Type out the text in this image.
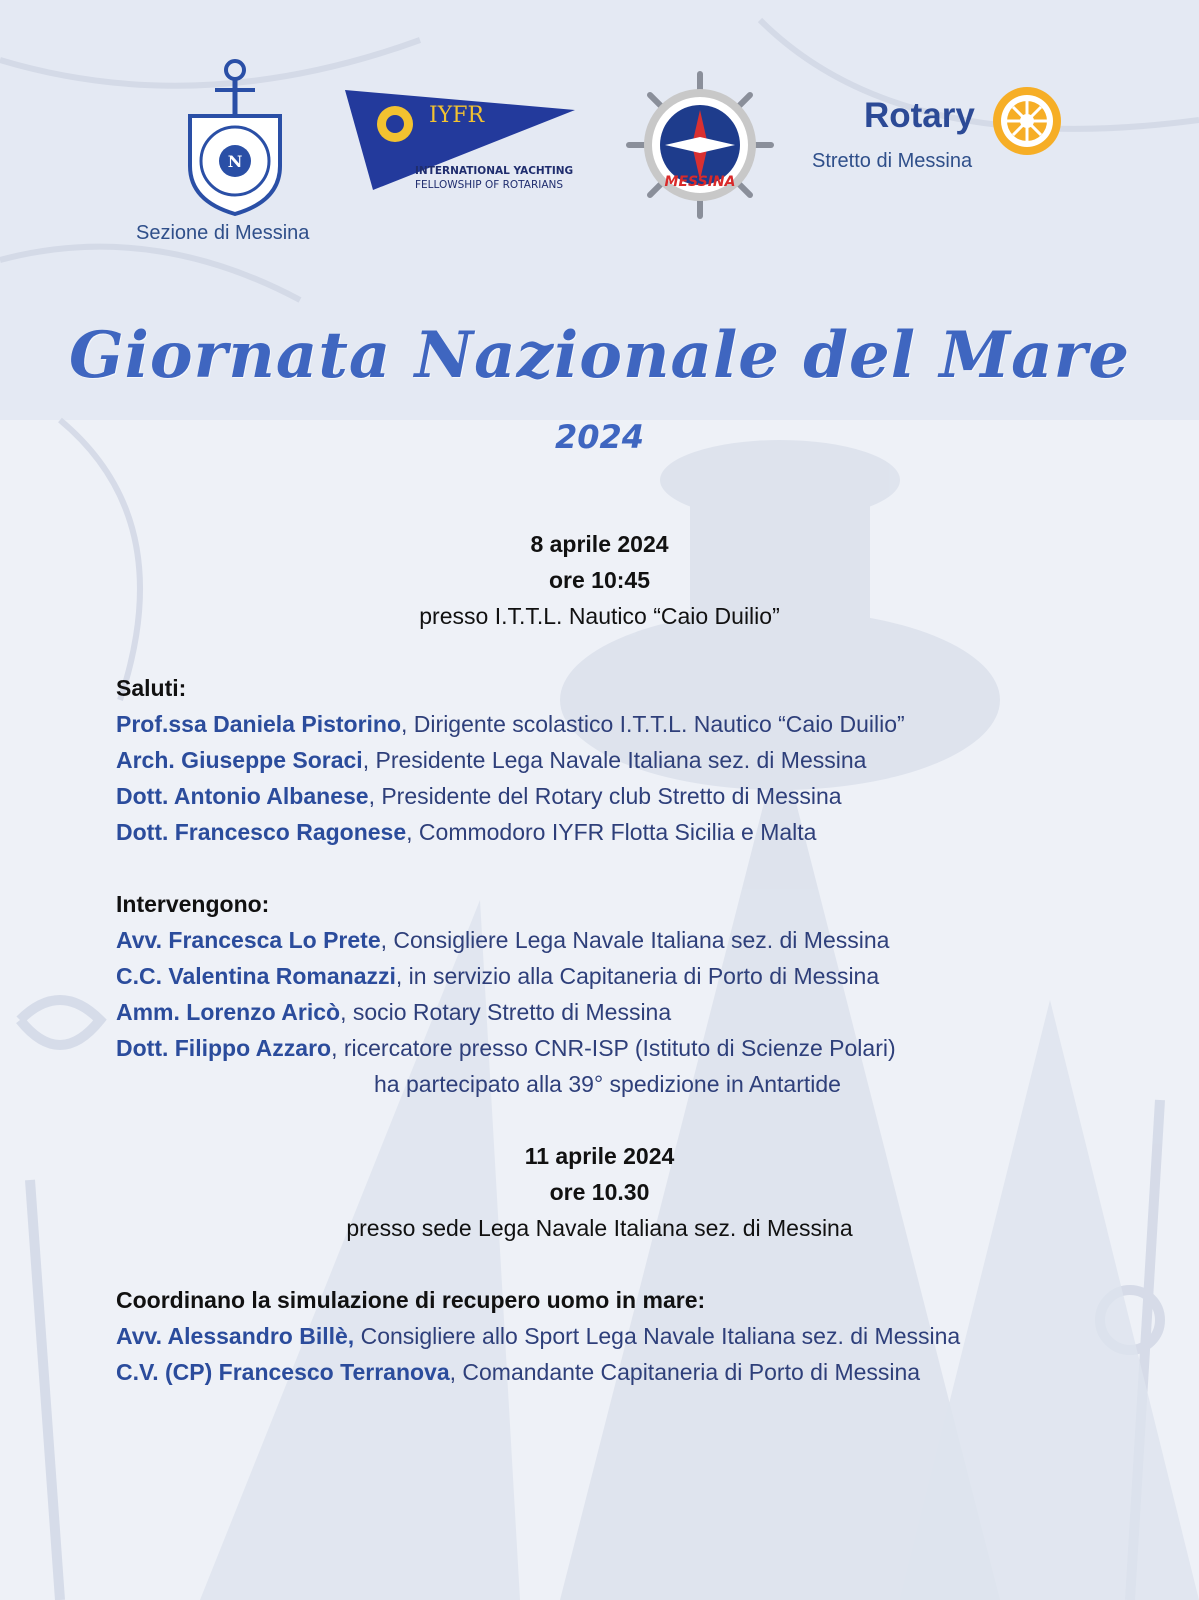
N
Sezione di Messina
IYFR
INTERNATIONAL YACHTING
FELLOWSHIP OF ROTARIANS	MESSINA
Rotary
Stretto di Messina
Giornata Nazionale del Mare
2024
8 aprile 2024
ore 10:45
presso I.T.T.L. Nautico “Caio Duilio”
Saluti:
Prof.ssa Daniela Pistorino, Dirigente scolastico I.T.T.L. Nautico “Caio Duilio”
Arch. Giuseppe Soraci, Presidente Lega Navale Italiana sez. di Messina
Dott. Antonio Albanese, Presidente del Rotary club Stretto di Messina
Dott. Francesco Ragonese, Commodoro IYFR Flotta Sicilia e Malta
Intervengono:
Avv. Francesca Lo Prete, Consigliere Lega Navale Italiana sez. di Messina
C.C. Valentina Romanazzi, in servizio alla Capitaneria di Porto di Messina
Amm. Lorenzo Aricò, socio Rotary Stretto di Messina
Dott. Filippo Azzaro, ricercatore presso CNR-ISP (Istituto di Scienze Polari)
ha partecipato alla 39° spedizione in Antartide
11 aprile 2024
ore 10.30
presso sede Lega Navale Italiana sez. di Messina
Coordinano la simulazione di recupero uomo in mare:
Avv. Alessandro Billè, Consigliere allo Sport Lega Navale Italiana sez. di Messina
C.V. (CP) Francesco Terranova, Comandante Capitaneria di Porto di Messina
